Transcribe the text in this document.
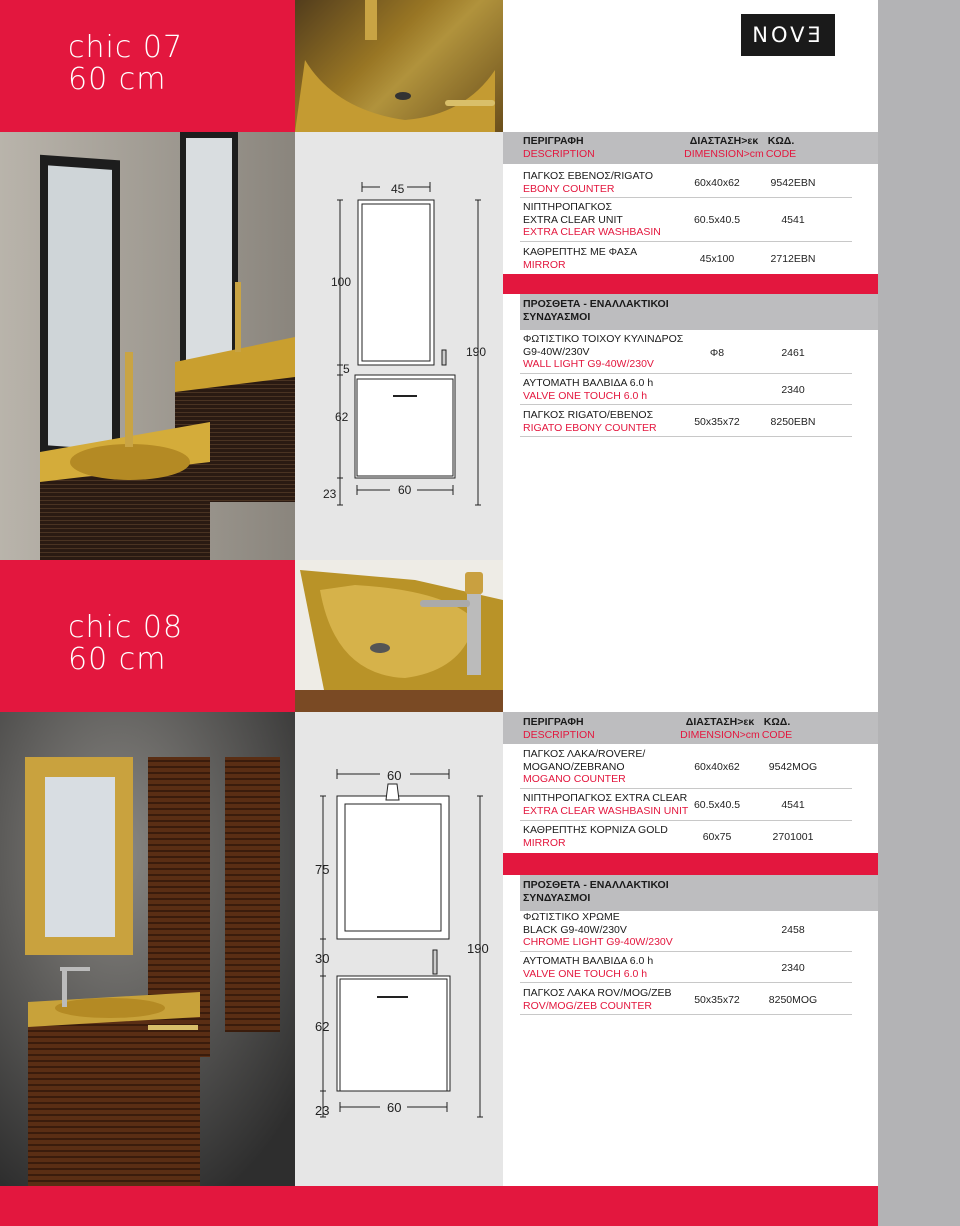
NOVƎ
chic 07
60 cm
45
100
5
190
62
23	60
ΠΕΡΙΓΡΑΦΗ
DESCRIPTION
ΔΙΑΣΤΑΣΗ>εκ
DIMENSION>cm
ΚΩΔ.
CODE
ΠΑΓΚΟΣ ΕΒΕΝΟΣ/RIGATO
EBONY COUNTER	60x40x62	9542EBN
ΝΙΠΤΗΡΟΠΑΓΚΟΣ
EXTRA CLEAR UNIT
EXTRA CLEAR WASHBASIN
60.5x40.5	4541
ΚΑΘΡΕΠΤΗΣ ΜΕ ΦΑΣΑ
MIRROR	45x100	2712EBN
ΠΡΟΣΘΕΤΑ - ΕΝΑΛΛΑΚΤΙΚΟΙ
ΣΥΝΔΥΑΣΜΟΙ
ΦΩΤΙΣΤΙΚΟ ΤΟΙΧΟΥ ΚΥΛΙΝΔΡΟΣ
G9-40W/230V
WALL LIGHT G9-40W/230V
Φ8	2461
ΑΥΤΟΜΑΤΗ ΒΑΛΒΙΔΑ 6.0 h
VALVE ONE TOUCH 6.0 h	2340
ΠΑΓΚΟΣ RIGATO/EBENOΣ
RIGATO EBONY COUNTER	50x35x72	8250EBN
chic 08
60 cm
60
75
30
190
62
23	60
ΠΕΡΙΓΡΑΦΗ
DESCRIPTION
ΔΙΑΣΤΑΣΗ>εκ
DIMENSION>cm
ΚΩΔ.
CODE
ΠΑΓΚΟΣ ΛΑΚΑ/ROVERE/
MOGANO/ZEBRANO
MOGANO COUNTER
60x40x62	9542MOG
ΝΙΠΤΗΡΟΠΑΓΚΟΣ EXTRA CLEAR
EXTRA CLEAR WASHBASIN UNIT 60.5x40.5	4541
ΚΑΘΡΕΠΤΗΣ ΚΟΡΝΙΖΑ GOLD
MIRROR	60x75	2701001
ΠΡΟΣΘΕΤΑ - ΕΝΑΛΛΑΚΤΙΚΟΙ
ΣΥΝΔΥΑΣΜΟΙ
ΦΩΤΙΣΤΙΚΟ ΧΡΩΜΕ
BLACK G9-40W/230V
CHROME LIGHT G9-40W/230V
2458
ΑΥΤΟΜΑΤΗ ΒΑΛΒΙΔΑ 6.0 h
VALVE ONE TOUCH 6.0 h	2340
ΠΑΓΚΟΣ ΛΑΚΑ ROV/MOG/ZEB
ROV/MOG/ZEB COUNTER	50x35x72	8250MOG
